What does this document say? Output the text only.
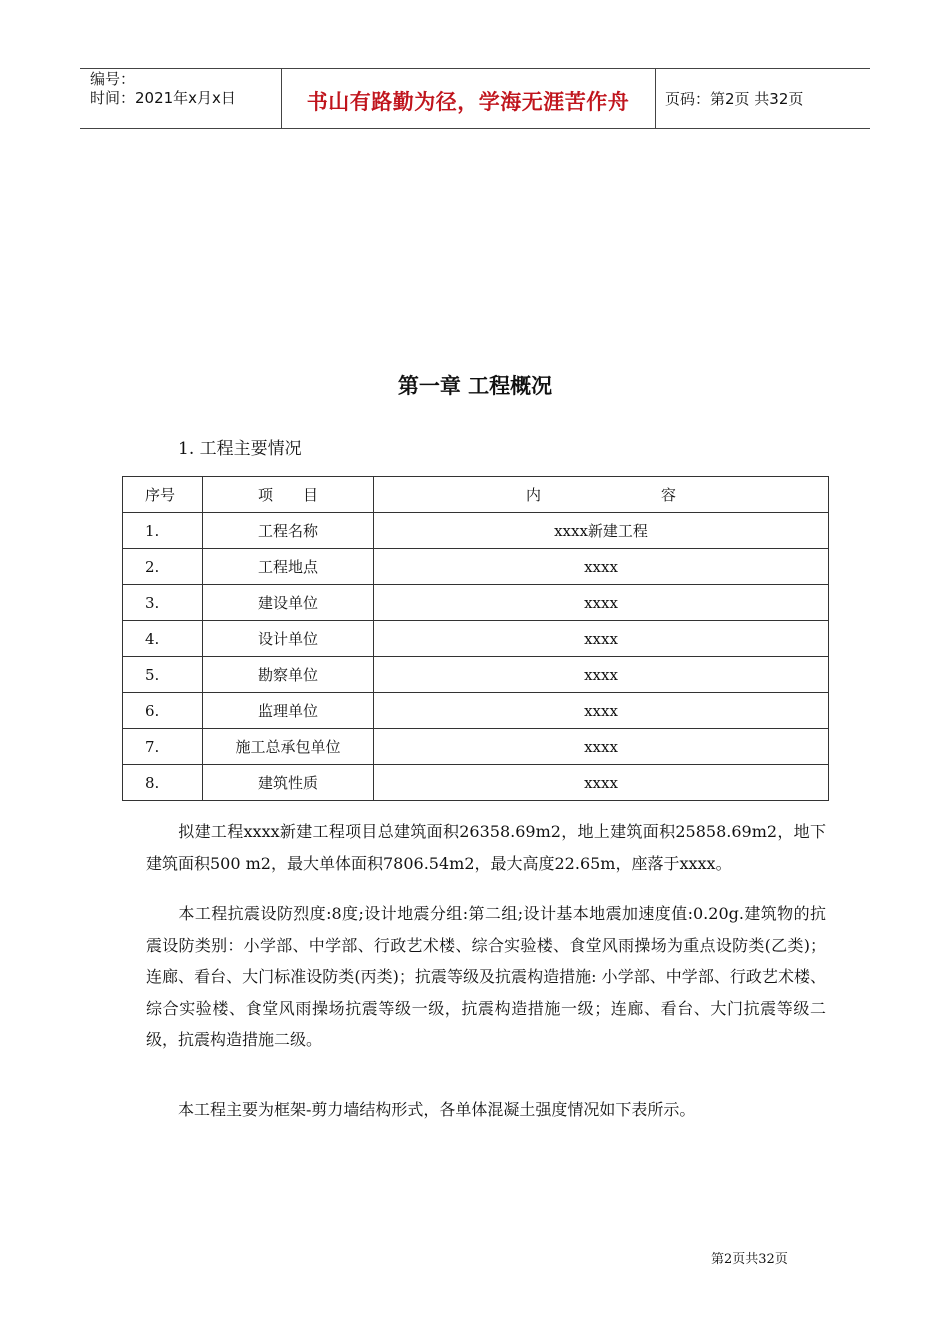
编号：
时间：2021年x月x日	书山有路勤为径，学海无涯苦作舟	页码：第2页 共32页
第一章 工程概况
1. 工程主要情况
序号	项　　目	内　　　　　　　　容
1.	工程名称	xxxx新建工程
2.	工程地点	xxxx
3.	建设单位	xxxx
4.	设计单位	xxxx
5.	勘察单位	xxxx
6.	监理单位	xxxx
7.	施工总承包单位	xxxx
8.	建筑性质	xxxx
拟建工程xxxx新建工程项目总建筑面积26358.69m2，地上建筑面积25858.69m2，地下建筑面积500 m2，最大单体面积7806.54m2，最大高度22.65m，座落于xxxx。
本工程抗震设防烈度:8度;设计地震分组:第二组;设计基本地震加速度值:0.20g.建筑物的抗震设防类别：小学部、中学部、行政艺术楼、综合实验楼、食堂风雨操场为重点设防类(乙类)；连廊、看台、大门标准设防类(丙类)；抗震等级及抗震构造措施: 小学部、中学部、行政艺术楼、综合实验楼、食堂风雨操场抗震等级一级，抗震构造措施一级；连廊、看台、大门抗震等级二级，抗震构造措施二级。
本工程主要为框架-剪力墙结构形式，各单体混凝土强度情况如下表所示。
第2页共32页
